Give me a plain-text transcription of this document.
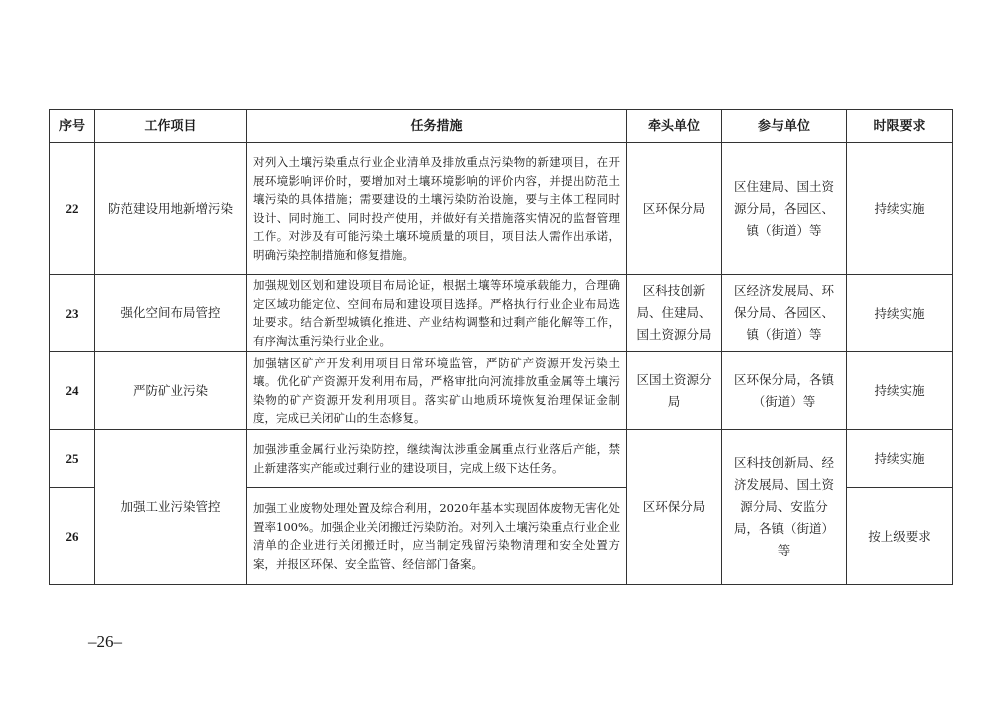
序号	工作项目	任务措施	牵头单位	参与单位	时限要求
22	防范建设用地新增污染	对列入土壤污染重点行业企业清单及排放重点污染物的新建项目，在开展环境影响评价时，要增加对土壤环境影响的评价内容，并提出防范土壤污染的具体措施；需要建设的土壤污染防治设施，要与主体工程同时设计、同时施工、同时投产使用，并做好有关措施落实情况的监督管理工作。对涉及有可能污染土壤环境质量的项目，项目法人需作出承诺，明确污染控制措施和修复措施。	区环保分局	区住建局、国土资源分局，各园区、镇（街道）等	持续实施
23	强化空间布局管控	加强规划区划和建设项目布局论证，根据土壤等环境承载能力，合理确定区域功能定位、空间布局和建设项目选择。严格执行行业企业布局选址要求。结合新型城镇化推进、产业结构调整和过剩产能化解等工作，有序淘汰重污染行业企业。	区科技创新局、住建局、国土资源分局	区经济发展局、环保分局、各园区、镇（街道）等	持续实施
24	严防矿业污染	加强辖区矿产开发利用项目日常环境监管，严防矿产资源开发污染土壤。优化矿产资源开发利用布局，严格审批向河流排放重金属等土壤污染物的矿产资源开发利用项目。落实矿山地质环境恢复治理保证金制度，完成已关闭矿山的生态修复。	区国土资源分局	区环保分局，各镇（街道）等	持续实施
25	加强工业污染管控	加强涉重金属行业污染防控，继续淘汰涉重金属重点行业落后产能，禁止新建落实产能或过剩行业的建设项目，完成上级下达任务。	区环保分局	区科技创新局、经济发展局、国土资源分局、安监分局，各镇（街道）等	持续实施
26		加强工业废物处理处置及综合利用，2020年基本实现固体废物无害化处置率100%。加强企业关闭搬迁污染防治。对列入土壤污染重点行业企业清单的企业进行关闭搬迁时，应当制定残留污染物清理和安全处置方案，并报区环保、安全监管、经信部门备案。			按上级要求
–26–
